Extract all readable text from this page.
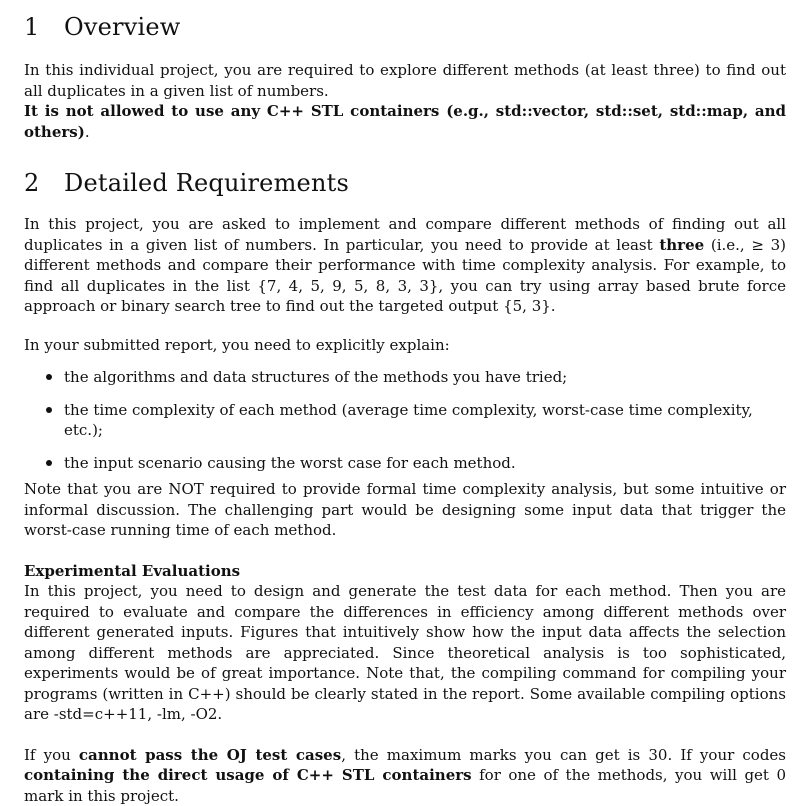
1	Overview

In this individual project, you are required to explore different methods (at least three) to find out all duplicates in a given list of numbers.

It is not allowed to use any C++ STL containers (e.g., std::vector, std::set, std::map, and others).

2	Detailed Requirements

In this project, you are asked to implement and compare different methods of finding out all duplicates in a given list of numbers. In particular, you need to provide at least three (i.e., ≥ 3) different methods and compare their performance with time complexity analysis. For example, to find all duplicates in the list {7, 4, 5, 9, 5, 8, 3, 3}, you can try using array based brute force approach or binary search tree to find out the targeted output {5, 3}.

In your submitted report, you need to explicitly explain:

the algorithms and data structures of the methods you have tried;
the time complexity of each method (average time complexity, worst-case time complexity, etc.);
the input scenario causing the worst case for each method.

Note that you are NOT required to provide formal time complexity analysis, but some intuitive or informal discussion. The challenging part would be designing some input data that trigger the worst-case running time of each method.

Experimental Evaluations

In this project, you need to design and generate the test data for each method. Then you are required to evaluate and compare the differences in efficiency among different methods over different generated inputs. Figures that intuitively show how the input data affects the selection among different methods are appreciated. Since theoretical analysis is too sophisticated, experiments would be of great importance. Note that, the compiling command for compiling your programs (written in C++) should be clearly stated in the report. Some available compiling options are -std=c++11, -lm, -O2.

If you cannot pass the OJ test cases, the maximum marks you can get is 30. If your codes containing the direct usage of C++ STL containers for one of the methods, you will get 0 mark in this project.
